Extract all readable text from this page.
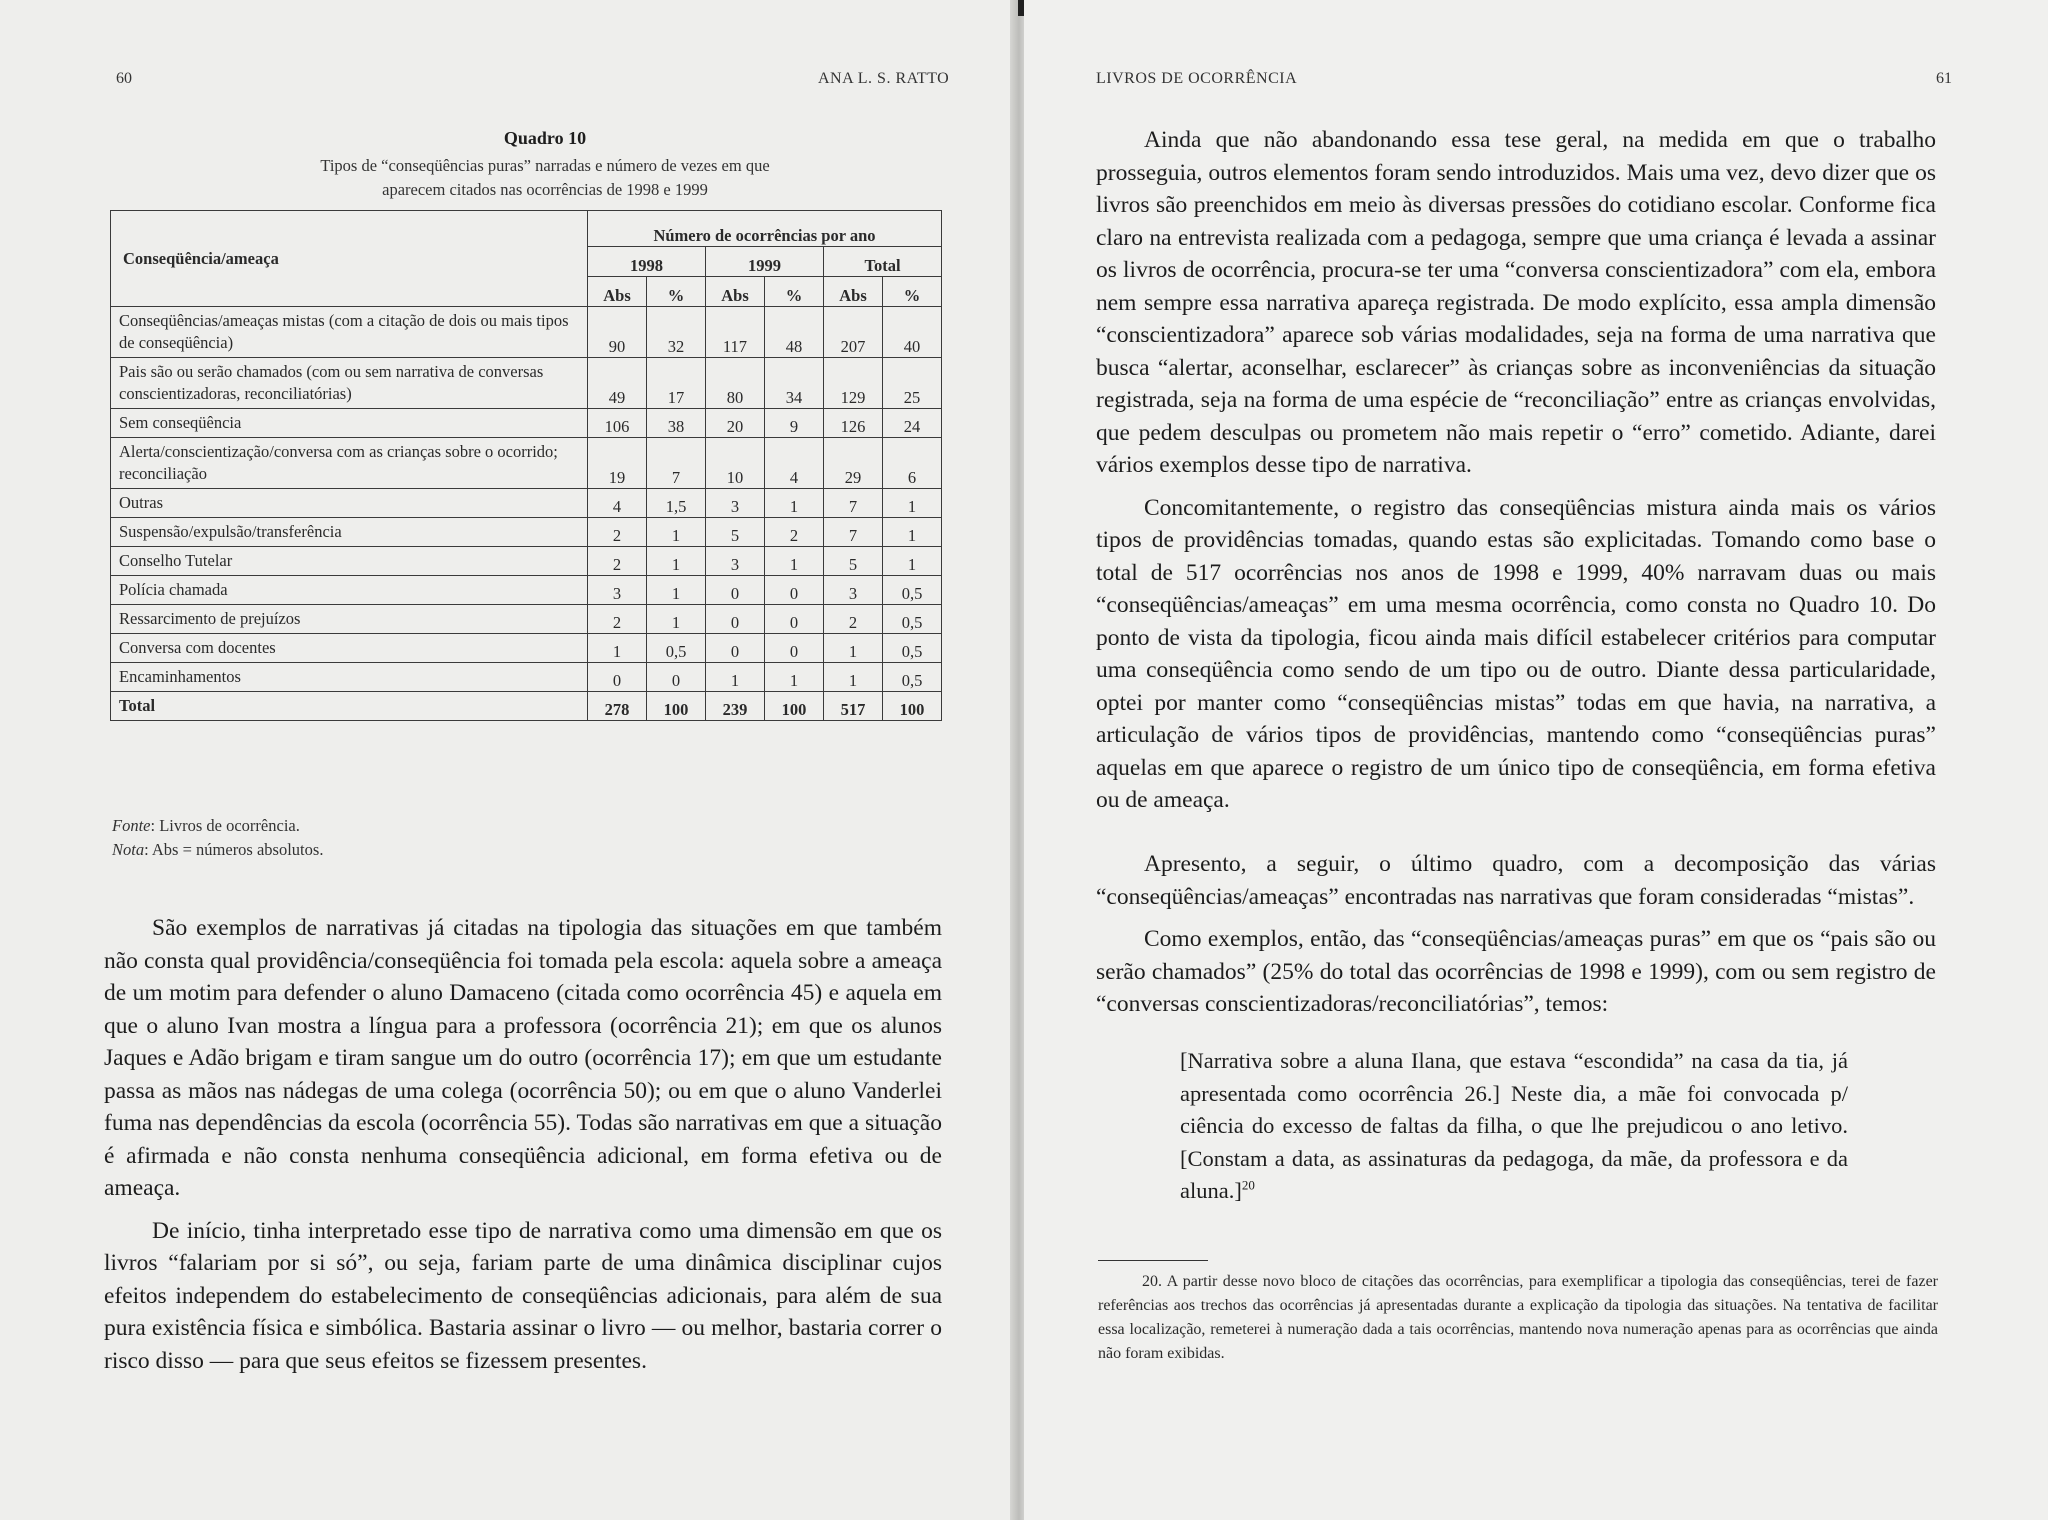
60	ANA L. S. RATTO
Quadro 10
Tipos de “conseqüências puras” narradas e número de vezes em que
aparecem citados nas ocorrências de 1998 e 1999
Conseqüência/ameaça	Número de ocorrências por ano					
	1998		1999		Total	
	Abs	%	Abs	%	Abs	%
Conseqüências/ameaças mistas (com a citação de dois ou mais tipos de conseqüência)	90	32	117	48	207	40
Pais são ou serão chamados (com ou sem narrativa de conversas conscientizadoras, reconciliatórias)	49	17	80	34	129	25
Sem conseqüência	106	38	20	9	126	24
Alerta/conscientização/conversa com as crianças sobre o ocorrido; reconciliação	19	7	10	4	29	6
Outras	4	1,5	3	1	7	1
Suspensão/expulsão/transferência	2	1	5	2	7	1
Conselho Tutelar	2	1	3	1	5	1
Polícia chamada	3	1	0	0	3	0,5
Ressarcimento de prejuízos	2	1	0	0	2	0,5
Conversa com docentes	1	0,5	0	0	1	0,5
Encaminhamentos	0	0	1	1	1	0,5
Total	278	100	239	100	517	100
Fonte: Livros de ocorrência.
Nota: Abs = números absolutos.

São exemplos de narrativas já citadas na tipologia das situações em que também não consta qual providência/conseqüência foi tomada pela escola: aquela sobre a ameaça de um motim para defender o aluno Damaceno (citada como ocorrência 45) e aquela em que o aluno Ivan mostra a língua para a professora (ocorrência 21); em que os alunos Jaques e Adão brigam e tiram sangue um do outro (ocorrência 17); em que um estudante passa as mãos nas nádegas de uma colega (ocorrência 50); ou em que o aluno Vanderlei fuma nas dependências da escola (ocorrência 55). Todas são narrativas em que a situação é afirmada e não consta nenhuma conseqüência adicional, em forma efetiva ou de ameaça.

De início, tinha interpretado esse tipo de narrativa como uma dimensão em que os livros “falariam por si só”, ou seja, fariam parte de uma dinâmica disciplinar cujos efeitos independem do estabelecimento de conseqüências adicionais, para além de sua pura existência física e simbólica. Bastaria assinar o livro — ou melhor, bastaria correr o risco disso — para que seus efeitos se fizessem presentes.

LIVROS DE OCORRÊNCIA	61

Ainda que não abandonando essa tese geral, na medida em que o trabalho prosseguia, outros elementos foram sendo introduzidos. Mais uma vez, devo dizer que os livros são preenchidos em meio às diversas pressões do cotidiano escolar. Conforme fica claro na entrevista realizada com a pedagoga, sempre que uma criança é levada a assinar os livros de ocorrência, procura-se ter uma “conversa conscientizadora” com ela, embora nem sempre essa narrativa apareça registrada. De modo explícito, essa ampla dimensão “conscientizadora” aparece sob várias modalidades, seja na forma de uma narrativa que busca “alertar, aconselhar, esclarecer” às crianças sobre as inconveniências da situação registrada, seja na forma de uma espécie de “reconciliação” entre as crianças envolvidas, que pedem desculpas ou prometem não mais repetir o “erro” cometido. Adiante, darei vários exemplos desse tipo de narrativa.

Concomitantemente, o registro das conseqüências mistura ainda mais os vários tipos de providências tomadas, quando estas são explicitadas. Tomando como base o total de 517 ocorrências nos anos de 1998 e 1999, 40% narravam duas ou mais “conseqüências/ameaças” em uma mesma ocorrência, como consta no Quadro 10. Do ponto de vista da tipologia, ficou ainda mais difícil estabelecer critérios para computar uma conseqüência como sendo de um tipo ou de outro. Diante dessa particularidade, optei por manter como “conseqüências mistas” todas em que havia, na narrativa, a articulação de vários tipos de providências, mantendo como “conseqüências puras” aquelas em que aparece o registro de um único tipo de conseqüência, em forma efetiva ou de ameaça.

Apresento, a seguir, o último quadro, com a decomposição das várias “conseqüências/ameaças” encontradas nas narrativas que foram consideradas “mistas”.

Como exemplos, então, das “conseqüências/ameaças puras” em que os “pais são ou serão chamados” (25% do total das ocorrências de 1998 e 1999), com ou sem registro de “conversas conscientizadoras/reconciliatórias”, temos:

[Narrativa sobre a aluna Ilana, que estava “escondida” na casa da tia, já apresentada como ocorrência 26.] Neste dia, a mãe foi convocada p/ ciência do excesso de faltas da filha, o que lhe prejudicou o ano letivo. [Constam a data, as assinaturas da pedagoga, da mãe, da professora e da aluna.]$^{20}$
20. A partir desse novo bloco de citações das ocorrências, para exemplificar a tipologia das conseqüências, terei de fazer referências aos trechos das ocorrências já apresentadas durante a explicação da tipologia das situações. Na tentativa de facilitar essa localização, remeterei à numeração dada a tais ocorrências, mantendo nova numeração apenas para as ocorrências que ainda não foram exibidas.
